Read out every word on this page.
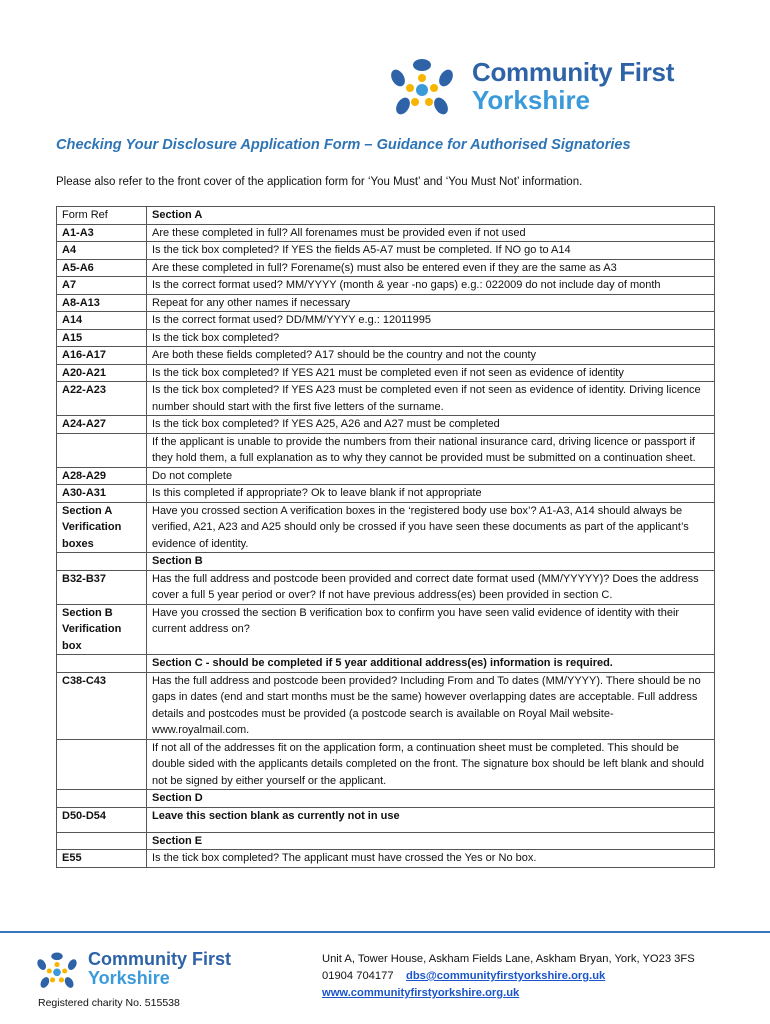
Community First
Yorkshire
Checking Your Disclosure Application Form – Guidance for Authorised Signatories
Please also refer to the front cover of the application form for ‘You Must’ and ‘You Must Not’ information.
Form Ref	Section A
A1-A3	Are these completed in full? All forenames must be provided even if not used
A4	Is the tick box completed? If YES the fields A5-A7 must be completed. If NO go to A14
A5-A6	Are these completed in full? Forename(s) must also be entered even if they are the same as A3
A7	Is the correct format used? MM/YYYY (month & year -no gaps) e.g.: 022009 do not include day of month
A8-A13	Repeat for any other names if necessary
A14	Is the correct format used? DD/MM/YYYY e.g.: 12011995
A15	Is the tick box completed?
A16-A17	Are both these fields completed? A17 should be the country and not the county
A20-A21	Is the tick box completed? If YES A21 must be completed even if not seen as evidence of identity
A22-A23	Is the tick box completed? If YES A23 must be completed even if not seen as evidence of identity. Driving licence number should start with the first five letters of the surname.
A24-A27	Is the tick box completed? If YES A25, A26 and A27 must be completed
	If the applicant is unable to provide the numbers from their national insurance card, driving licence or passport if they hold them, a full explanation as to why they cannot be provided must be submitted on a continuation sheet.
A28-A29	Do not complete
A30-A31	Is this completed if appropriate? Ok to leave blank if not appropriate
Section A Verification boxes	Have you crossed section A verification boxes in the ‘registered body use box’? A1-A3, A14 should always be verified, A21, A23 and A25 should only be crossed if you have seen these documents as part of the applicant’s evidence of identity.
	Section B
B32-B37	Has the full address and postcode been provided and correct date format used (MM/YYYYY)? Does the address cover a full 5 year period or over? If not have previous address(es) been provided in section C.
Section B Verification box	Have you crossed the section B verification box to confirm you have seen valid evidence of identity with their current address on?
	Section C - should be completed if 5 year additional address(es) information is required.
C38-C43	Has the full address and postcode been provided? Including From and To dates (MM/YYYY). There should be no gaps in dates (end and start months must be the same) however overlapping dates are acceptable. Full address details and postcodes must be provided (a postcode search is available on Royal Mail website- www.royalmail.com.
	If not all of the addresses fit on the application form, a continuation sheet must be completed. This should be double sided with the applicants details completed on the front. The signature box should be left blank and should not be signed by either yourself or the applicant.
	Section D
D50-D54	Leave this section blank as currently not in use
	Section E
E55	Is the tick box completed? The applicant must have crossed the Yes or No box.
Community First
Yorkshire
Registered charity No. 515538
Unit A, Tower House, Askham Fields Lane, Askham Bryan, York, YO23 3FS
01904 704177 dbs@communityfirstyorkshire.org.uk
www.communityfirstyorkshire.org.uk
